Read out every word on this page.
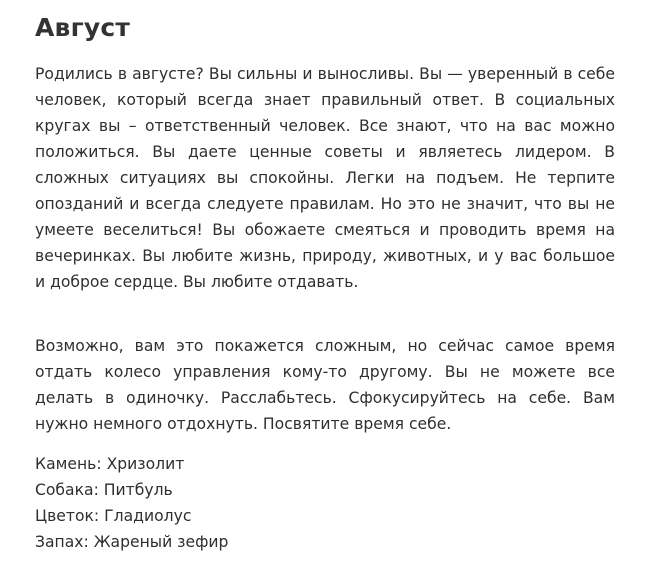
Август

Родились в августе? Вы сильны и выносливы. Вы — уверенный в себе человек, который всегда знает правильный ответ. В социальных кругах вы – ответственный человек. Все знают, что на вас можно положиться. Вы даете ценные советы и являетесь лидером. В сложных ситуациях вы спокойны. Легки на подъем. Не терпите опозданий и всегда следуете правилам. Но это не значит, что вы не умеете веселиться! Вы обожаете смеяться и проводить время на вечеринках. Вы любите жизнь, природу, животных, и у вас большое и доброе сердце. Вы любите отдавать.

Возможно, вам это покажется сложным, но сейчас самое время отдать колесо управления кому-то другому. Вы не можете все делать в одиночку. Расслабьтесь. Сфокусируйтесь на себе. Вам нужно немного отдохнуть. Посвятите время себе.

Камень: Хризолит
Собака: Питбуль
Цветок: Гладиолус
Запах: Жареный зефир
